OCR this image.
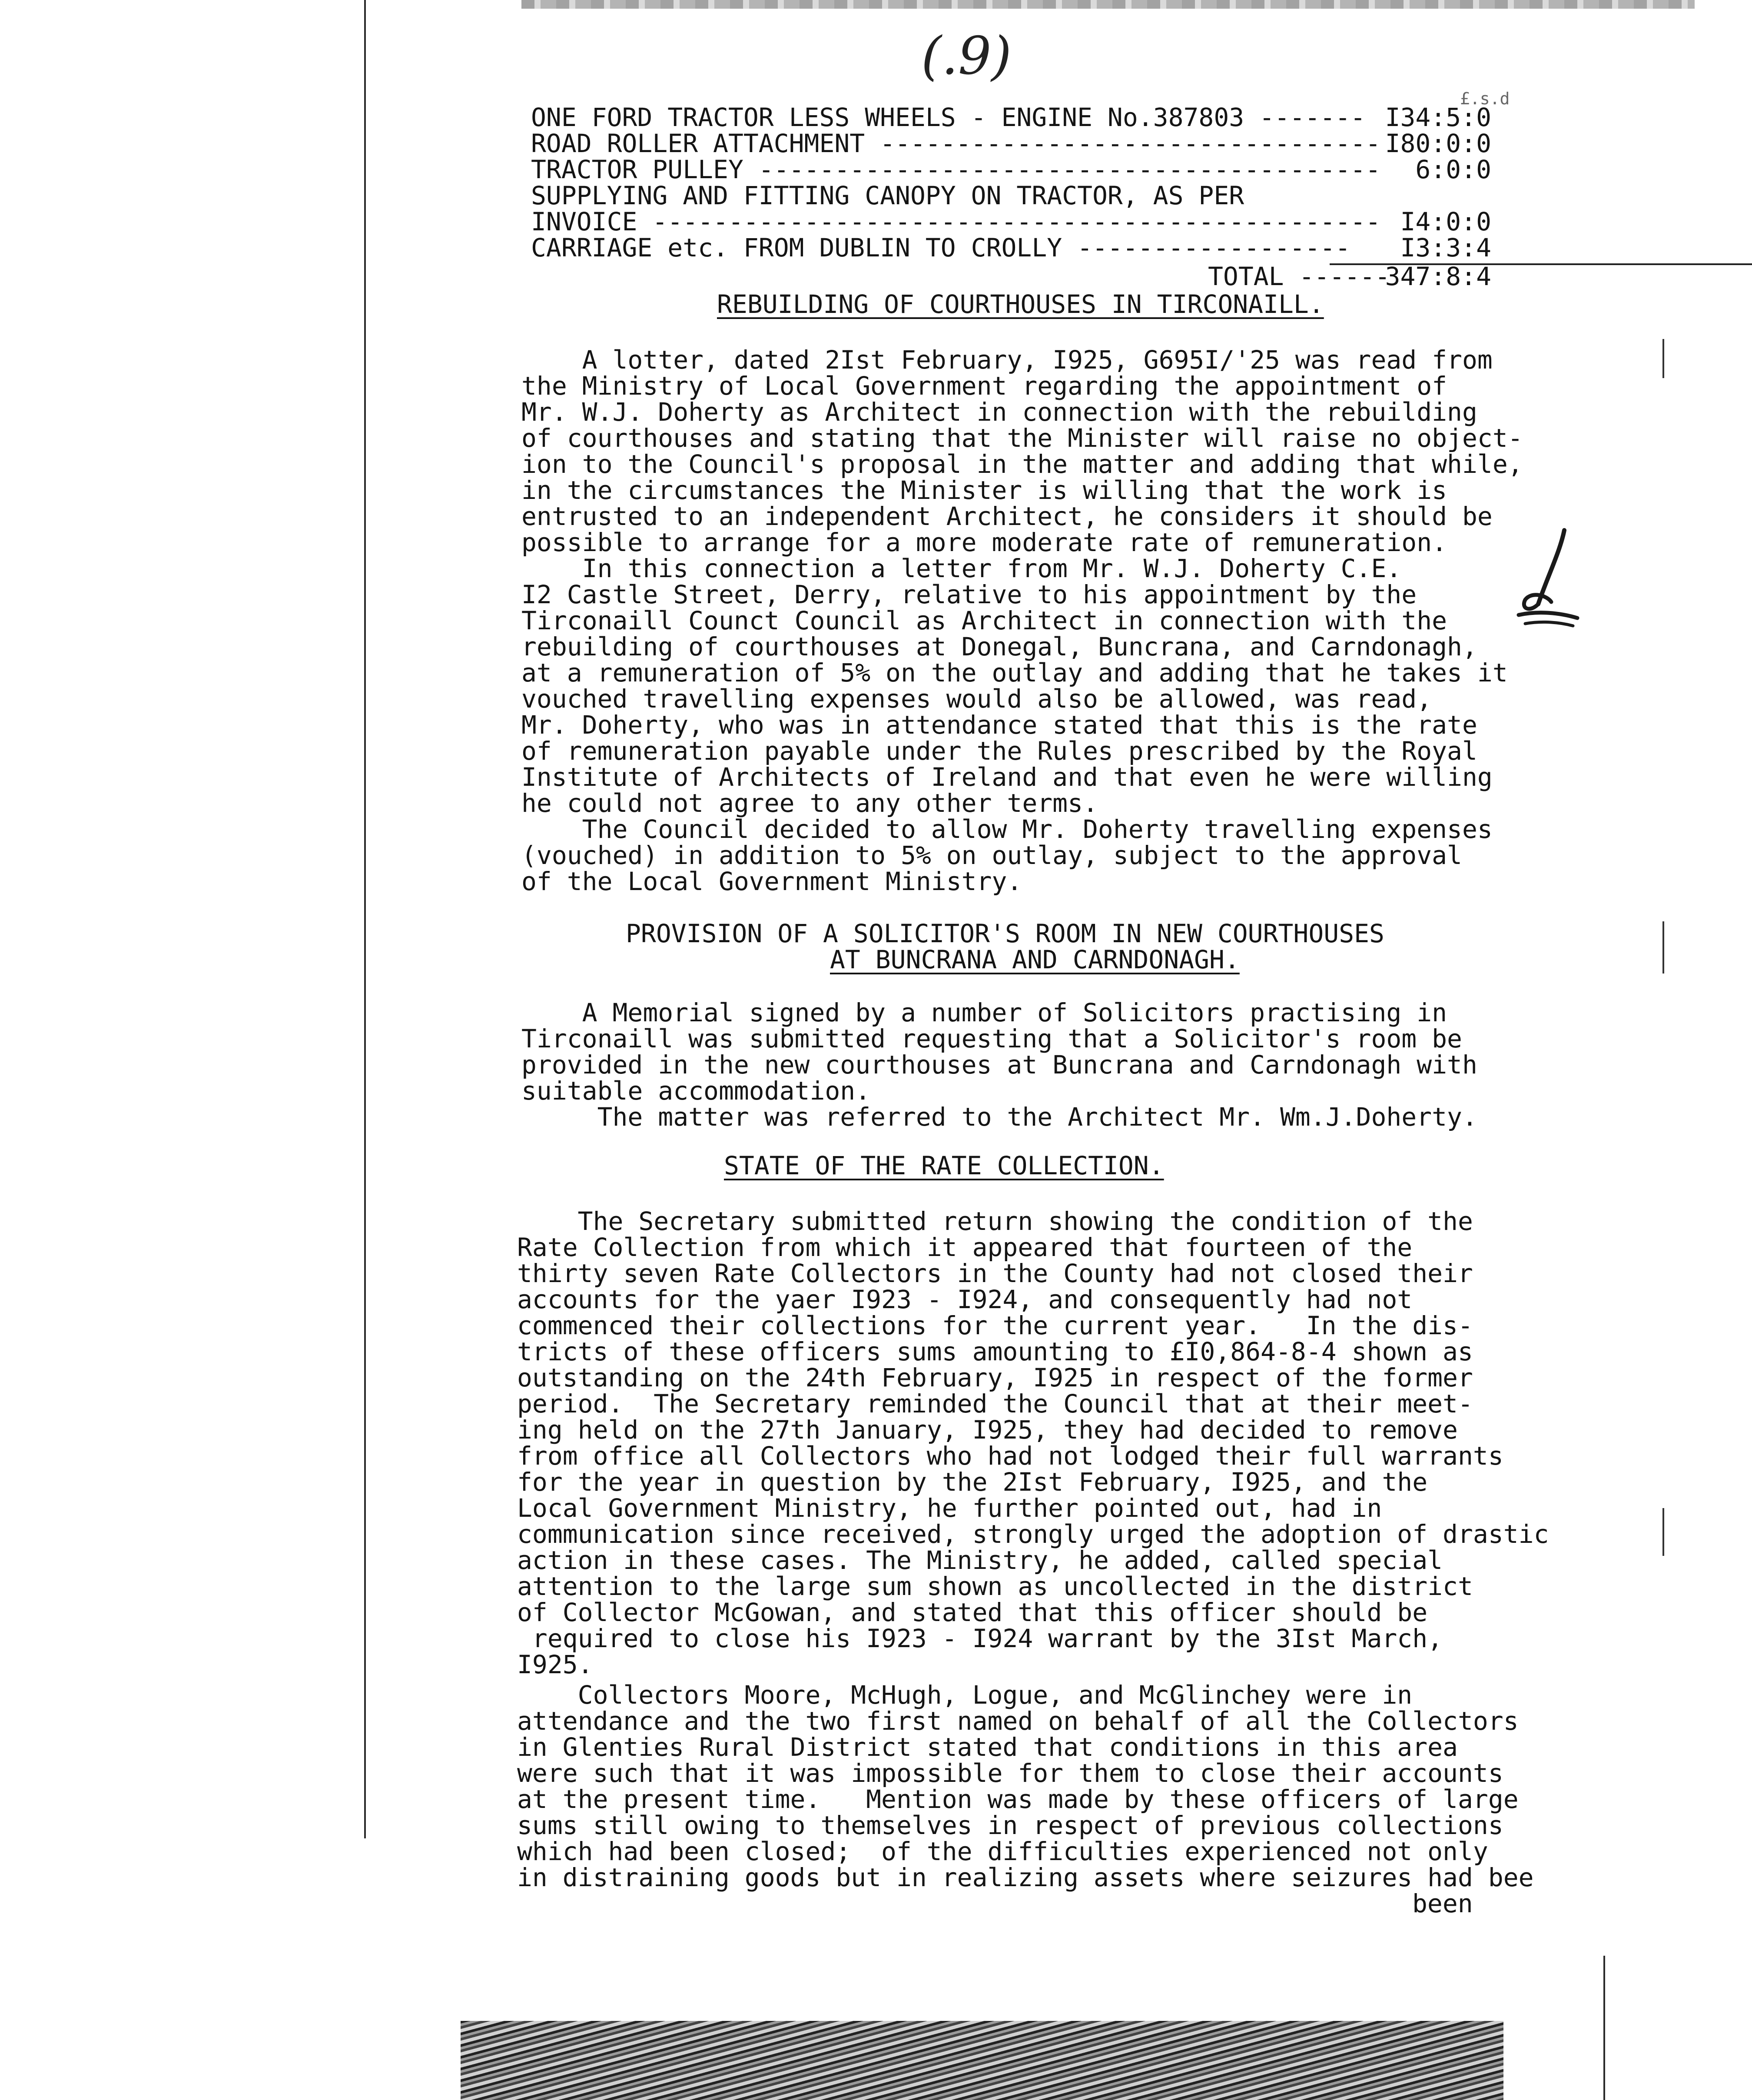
(.9)
£.s.d
ONE FORD TRACTOR LESS WHEELS - ENGINE No.387803 ------- I34:5:0
ROAD ROLLER ATTACHMENT --------------------------------- I80:0:0
TRACTOR PULLEY ----------------------------------------- 6:0:0
SUPPLYING AND FITTING CANOPY ON TRACTOR, AS PER
INVOICE ------------------------------------------------ I4:0:0
CARRIAGE etc. FROM DUBLIN TO CROLLY ------------------ I3:3:4
TOTAL ------
347:8:4
REBUILDING OF COURTHOUSES IN TIRCONAILL.
A lotter, dated 2Ist February, I925, G695I/'25 was read from
the Ministry of Local Government regarding the appointment of
Mr. W.J. Doherty as Architect in connection with the rebuilding
of courthouses and stating that the Minister will raise no object-
ion to the Council's proposal in the matter and adding that while,
in the circumstances the Minister is willing that the work is
entrusted to an independent Architect, he considers it should be
possible to arrange for a more moderate rate of remuneration.
In this connection a letter from Mr. W.J. Doherty C.E.
I2 Castle Street, Derry, relative to his appointment by the
Tirconaill Counct Council as Architect in connection with the
rebuilding of courthouses at Donegal, Buncrana, and Carndonagh,
at a remuneration of 5% on the outlay and adding that he takes it
vouched travelling expenses would also be allowed, was read,
Mr. Doherty, who was in attendance stated that this is the rate
of remuneration payable under the Rules prescribed by the Royal
Institute of Architects of Ireland and that even he were willing
he could not agree to any other terms.
The Council decided to allow Mr. Doherty travelling expenses
(vouched) in addition to 5% on outlay, subject to the approval
of the Local Government Ministry.
PROVISION OF A SOLICITOR'S ROOM IN NEW COURTHOUSES
AT BUNCRANA AND CARNDONAGH.
A Memorial signed by a number of Solicitors practising in
Tirconaill was submitted requesting that a Solicitor's room be
provided in the new courthouses at Buncrana and Carndonagh with
suitable accommodation.
The matter was referred to the Architect Mr. Wm.J.Doherty.
STATE OF THE RATE COLLECTION.
The Secretary submitted return showing the condition of the
Rate Collection from which it appeared that fourteen of the
thirty seven Rate Collectors in the County had not closed their
accounts for the yaer I923 - I924, and consequently had not
commenced their collections for the current year.   In the dis-
tricts of these officers sums amounting to £I0,864-8-4 shown as
outstanding on the 24th February, I925 in respect of the former
period.  The Secretary reminded the Council that at their meet-
ing held on the 27th January, I925, they had decided to remove
from office all Collectors who had not lodged their full warrants
for the year in question by the 2Ist February, I925, and the
Local Government Ministry, he further pointed out, had in
communication since received, strongly urged the adoption of drastic
action in these cases. The Ministry, he added, called special
attention to the large sum shown as uncollected in the district
of Collector McGowan, and stated that this officer should be
required to close his I923 - I924 warrant by the 3Ist March,
I925.
Collectors Moore, McHugh, Logue, and McGlinchey were in
attendance and the two first named on behalf of all the Collectors
in Glenties Rural District stated that conditions in this area
were such that it was impossible for them to close their accounts
at the present time.   Mention was made by these officers of large
sums still owing to themselves in respect of previous collections
which had been closed;  of the difficulties experienced not only
in distraining goods but in realizing assets where seizures had bee
been
